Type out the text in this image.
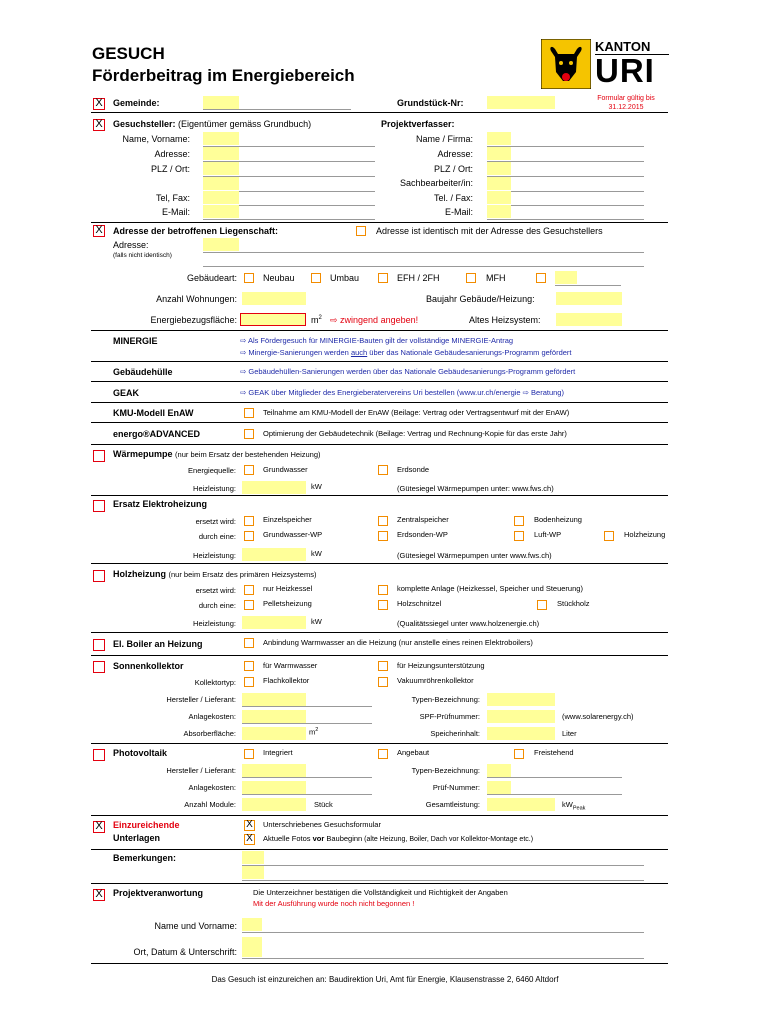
GESUCH
Förderbeitrag im Energiebereich
KANTON
URI
X Gemeinde:	Grundstück-Nr:	Formular gültig bis 31.12.2015
X Gesuchsteller: (Eigentümer gemäss Grundbuch)	Projektverfasser:
Name, Vorname:
Adresse:
PLZ / Ort:
Tel, Fax:
E-Mail:
Name / Firma:
Adresse:
PLZ / Ort:
Sachbearbeiter/in:
Tel. / Fax:
E-Mail:
X Adresse der betroffenen Liegenschaft:	Adresse ist identisch mit der Adresse des Gesuchstellers
Adresse:
(falls nicht identisch)
Gebäudeart:	Neubau	Umbau	EFH / 2FH	MFH
Anzahl Wohnungen:	Baujahr Gebäude/Heizung:
Energiebezugsfläche:	$m^2$ ⇨ zwingend angeben!	Altes Heizsystem:
MINERGIE	⇨ Als Fördergesuch für MINERGIE-Bauten gilt der vollständige MINERGIE-Antrag
⇨ Minergie-Sanierungen werden auch über das Nationale Gebäudesanierungs-Programm gefördert
Gebäudehülle	⇨ Gebäudehüllen-Sanierungen werden über das Nationale Gebäudesanierungs-Programm gefördert
GEAK	⇨ GEAK über Mitglieder des Energieberatervereins Uri bestellen (www.ur.ch/energie ⇨ Beratung)
KMU-Modell EnAW	Teilnahme am KMU-Modell der EnAW (Beilage: Vertrag oder Vertragsentwurf mit der EnAW)
energo®ADVANCED	Optimierung der Gebäudetechnik (Beilage: Vertrag und Rechnung-Kopie für das erste Jahr)
Wärmepumpe (nur beim Ersatz der bestehenden Heizung)
Energiequelle:	Grundwasser	Erdsonde
Heizleistung:	kW	(Gütesiegel Wärmepumpen unter: www.fws.ch)
Ersatz Elektroheizung
ersetzt wird:	Einzelspeicher	Zentralspeicher	Bodenheizung
durch eine:	Grundwasser-WP	Erdsonden-WP	Luft-WP	Holzheizung
Heizleistung:	kW	(Gütesiegel Wärmepumpen unter www.fws.ch)
Holzheizung (nur beim Ersatz des primären Heizsystems)
ersetzt wird:	nur Heizkessel	komplette Anlage (Heizkessel, Speicher und Steuerung)
durch eine:	Pelletsheizung	Holzschnitzel	Stückholz
Heizleistung:	kW	(Qualitätssiegel unter www.holzenergie.ch)
El. Boiler an Heizung	Anbindung Warmwasser an die Heizung (nur anstelle eines reinen Elektroboilers)
Sonnenkollektor	für Warmwasser	für Heizungsunterstützung
Kollektortyp:	Flachkollektor	Vakuumröhrenkollektor
Hersteller / Lieferant:	Typen-Bezeichnung:
Anlagekosten:	SPF-Prüfnummer:	(www.solarenergy.ch)
Absorberfläche:	$m^2$	Speicherinhalt:	Liter
Photovoltaik	Integriert	Angebaut	Freistehend
Hersteller / Lieferant:	Typen-Bezeichnung:
Anlagekosten:	Prüf-Nummer:
Anzahl Module:	Stück	Gesamtleistung:	$kW_{Peak}$
X Einzureichende
Unterlagen
X Unterschriebenes Gesuchsformular
X Aktuelle Fotos vor Baubeginn (alte Heizung, Boiler, Dach vor Kollektor-Montage etc.)
Bemerkungen:
X Projektveranwortung	Die Unterzeichner bestätigen die Vollständigkeit und Richtigkeit der Angaben
Mit der Ausführung wurde noch nicht begonnen !
Name und Vorname:
Ort, Datum & Unterschrift:
Das Gesuch ist einzureichen an: Baudirektion Uri, Amt für Energie, Klausenstrasse 2, 6460 Altdorf
